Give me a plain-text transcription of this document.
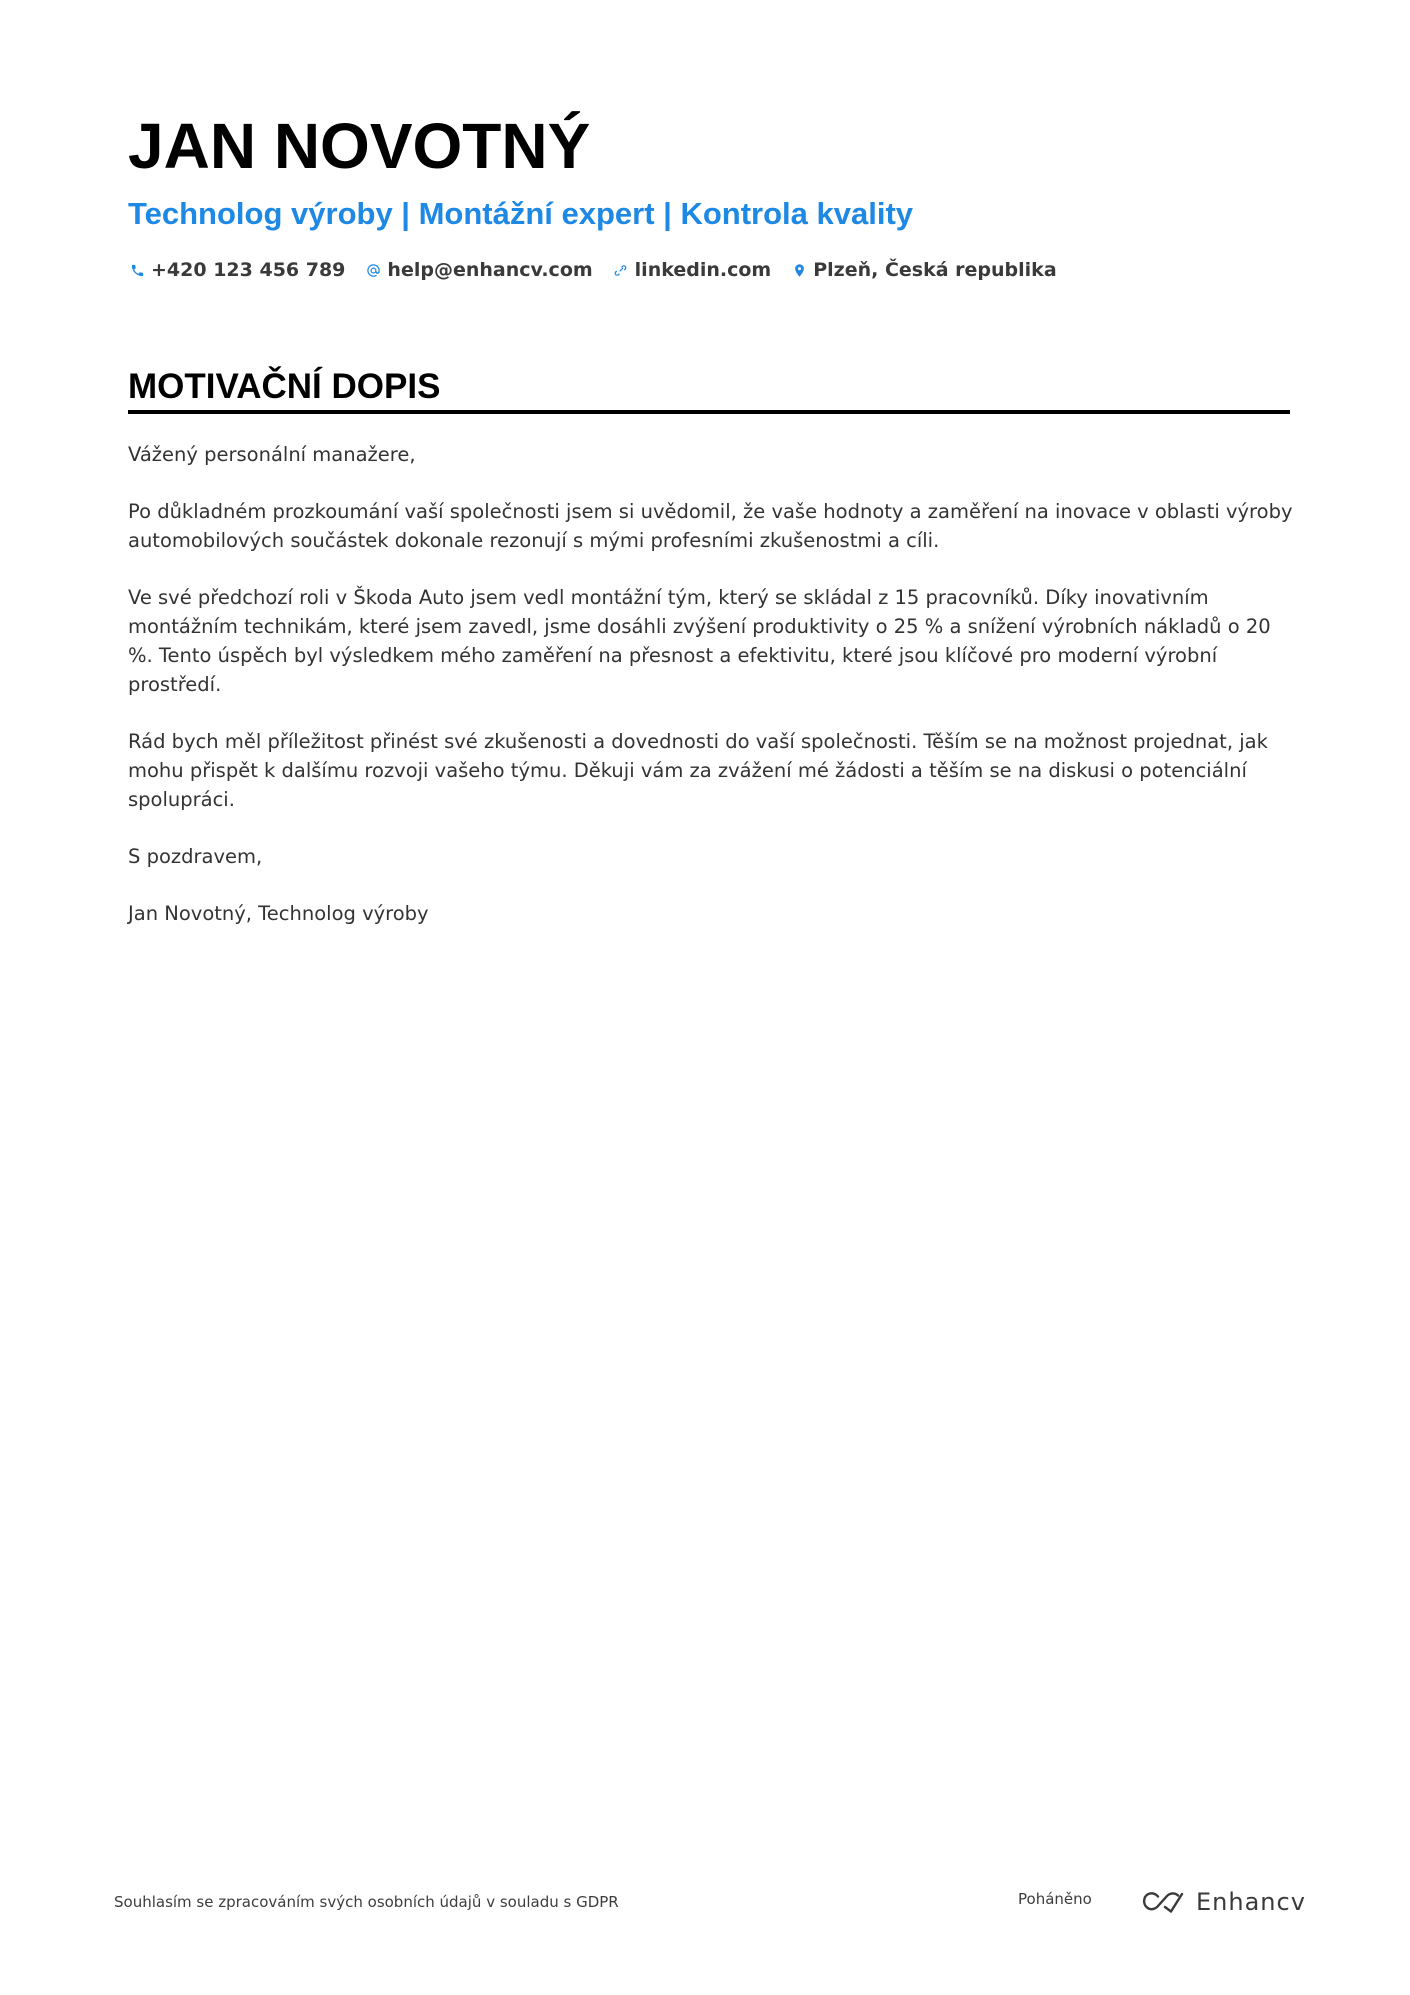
JAN NOVOTNÝ
Technolog výroby | Montážní expert | Kontrola kvality
+420 123 456 789 help@enhancv.com linkedin.com Plzeň, Česká republika
MOTIVAČNÍ DOPIS

Vážený personální manažere,

Po důkladném prozkoumání vaší společnosti jsem si uvědomil, že vaše hodnoty a zaměření na inovace v oblasti výroby automobilových součástek dokonale rezonují s mými profesními zkušenostmi a cíli.

Ve své předchozí roli v Škoda Auto jsem vedl montážní tým, který se skládal z 15 pracovníků. Díky inovativním montážním technikám, které jsem zavedl, jsme dosáhli zvýšení produktivity o 25 % a snížení výrobních nákladů o 20 %. Tento úspěch byl výsledkem mého zaměření na přesnost a efektivitu, které jsou klíčové pro moderní výrobní prostředí.

Rád bych měl příležitost přinést své zkušenosti a dovednosti do vaší společnosti. Těším se na možnost projednat, jak mohu přispět k dalšímu rozvoji vašeho týmu. Děkuji vám za zvážení mé žádosti a těším se na diskusi o potenciální spolupráci.

S pozdravem,

Jan Novotný, Technolog výroby

Souhlasím se zpracováním svých osobních údajů v souladu s GDPR	Poháněno	Enhancv
